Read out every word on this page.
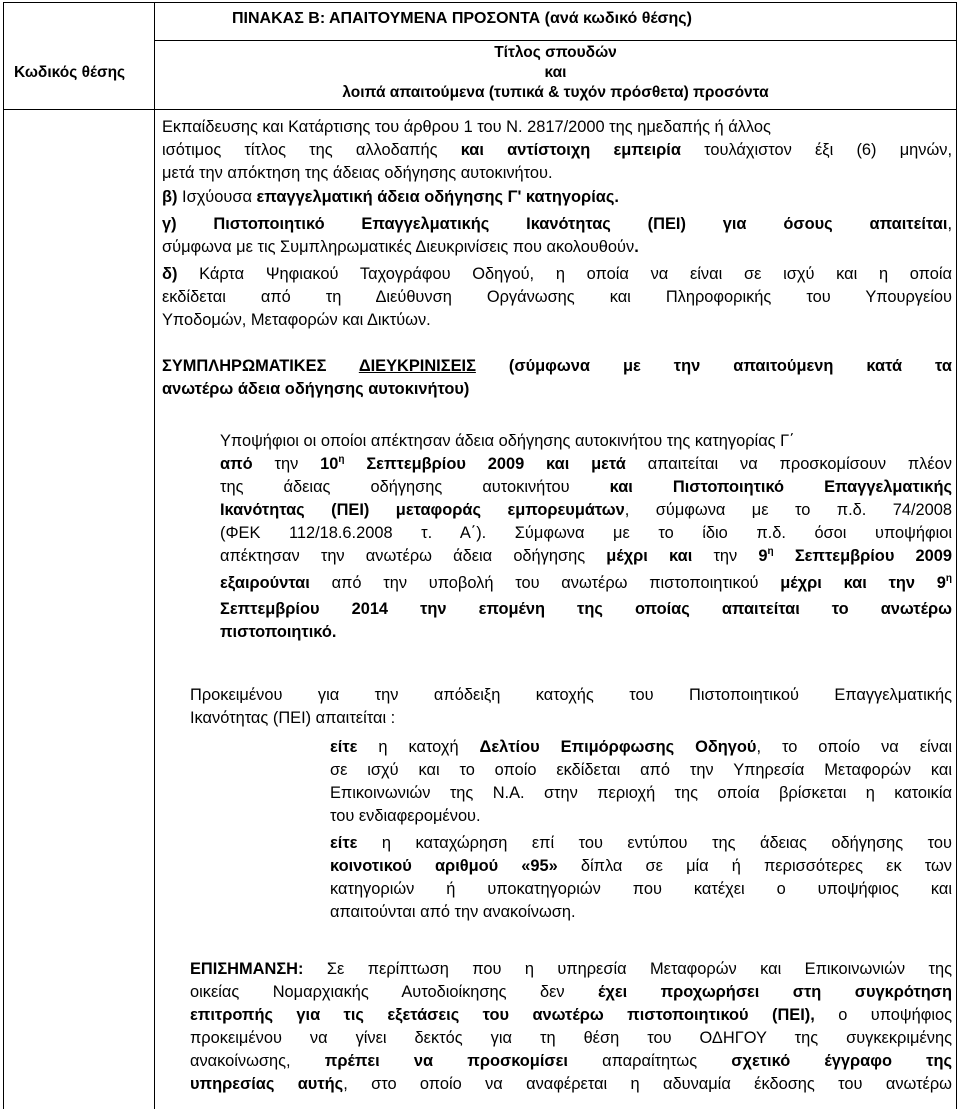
ΠΙΝΑΚΑΣ Β: ΑΠΑΙΤΟΥΜΕΝΑ ΠΡΟΣΟΝΤΑ (ανά κωδικό θέσης)
Κωδικός θέσης
Τίτλος σπουδών
και
λοιπά απαιτούμενα (τυπικά & τυχόν πρόσθετα) προσόντα
Εκπαίδευσης και Κατάρτισης του άρθρου 1 του Ν. 2817/2000 της ημεδαπής ή άλλος
ισότιμος τίτλος της αλλοδαπής και αντίστοιχη εμπειρία τουλάχιστον έξι (6) μηνών,
μετά την απόκτηση της άδειας οδήγησης αυτοκινήτου.
β) Ισχύουσα επαγγελματική άδεια οδήγησης Γ' κατηγορίας.
γ) Πιστοποιητικό Επαγγελματικής Ικανότητας (ΠΕΙ) για όσους απαιτείται,
σύμφωνα με τις Συμπληρωματικές Διευκρινίσεις που ακολουθούν.
δ) Κάρτα Ψηφιακού Ταχογράφου Οδηγού, η οποία να είναι σε ισχύ και η οποία
εκδίδεται από τη Διεύθυνση Οργάνωσης και Πληροφορικής του Υπουργείου
Υποδομών, Μεταφορών και Δικτύων.
ΣΥΜΠΛΗΡΩΜΑΤΙΚΕΣ ΔΙΕΥΚΡΙΝΙΣΕΙΣ (σύμφωνα με την απαιτούμενη κατά τα
ανωτέρω άδεια οδήγησης αυτοκινήτου)
Υποψήφιοι οι οποίοι απέκτησαν άδεια οδήγησης αυτοκινήτου της κατηγορίας Γ΄
από την $10^\eta$ Σεπτεμβρίου 2009 και μετά απαιτείται να προσκομίσουν πλέον
της άδειας οδήγησης αυτοκινήτου και Πιστοποιητικό Επαγγελματικής
Ικανότητας (ΠΕΙ) μεταφοράς εμπορευμάτων, σύμφωνα με το π.δ. 74/2008
(ΦΕΚ 112/18.6.2008 τ. Α΄). Σύμφωνα με το ίδιο π.δ. όσοι υποψήφιοι
απέκτησαν την ανωτέρω άδεια οδήγησης μέχρι και την $9^\eta$ Σεπτεμβρίου 2009
εξαιρούνται από την υποβολή του ανωτέρω πιστοποιητικού μέχρι και την $9^\eta$
Σεπτεμβρίου 2014 την επομένη της οποίας απαιτείται το ανωτέρω
πιστοποιητικό.
Προκειμένου για την απόδειξη κατοχής του Πιστοποιητικού Επαγγελματικής
Ικανότητας (ΠΕΙ) απαιτείται :
είτε η κατοχή Δελτίου Επιμόρφωσης Οδηγού, το οποίο να είναι
σε ισχύ και το οποίο εκδίδεται από την Υπηρεσία Μεταφορών και
Επικοινωνιών της Ν.Α. στην περιοχή της οποία βρίσκεται η κατοικία
του ενδιαφερομένου.
είτε η καταχώρηση επί του εντύπου της άδειας οδήγησης του
κοινοτικού αριθμού «95» δίπλα σε μία ή περισσότερες εκ των
κατηγοριών ή υποκατηγοριών που κατέχει ο υποψήφιος και
απαιτούνται από την ανακοίνωση.
ΕΠΙΣΗΜΑΝΣΗ: Σε περίπτωση που η υπηρεσία Μεταφορών και Επικοινωνιών της
οικείας Νομαρχιακής Αυτοδιοίκησης δεν έχει προχωρήσει στη συγκρότηση
επιτροπής για τις εξετάσεις του ανωτέρω πιστοποιητικού (ΠΕΙ), ο υποψήφιος
προκειμένου να γίνει δεκτός για τη θέση του ΟΔΗΓΟΥ της συγκεκριμένης
ανακοίνωσης, πρέπει να προσκομίσει απαραίτητως σχετικό έγγραφο της
υπηρεσίας αυτής, στο οποίο να αναφέρεται η αδυναμία έκδοσης του ανωτέρω
